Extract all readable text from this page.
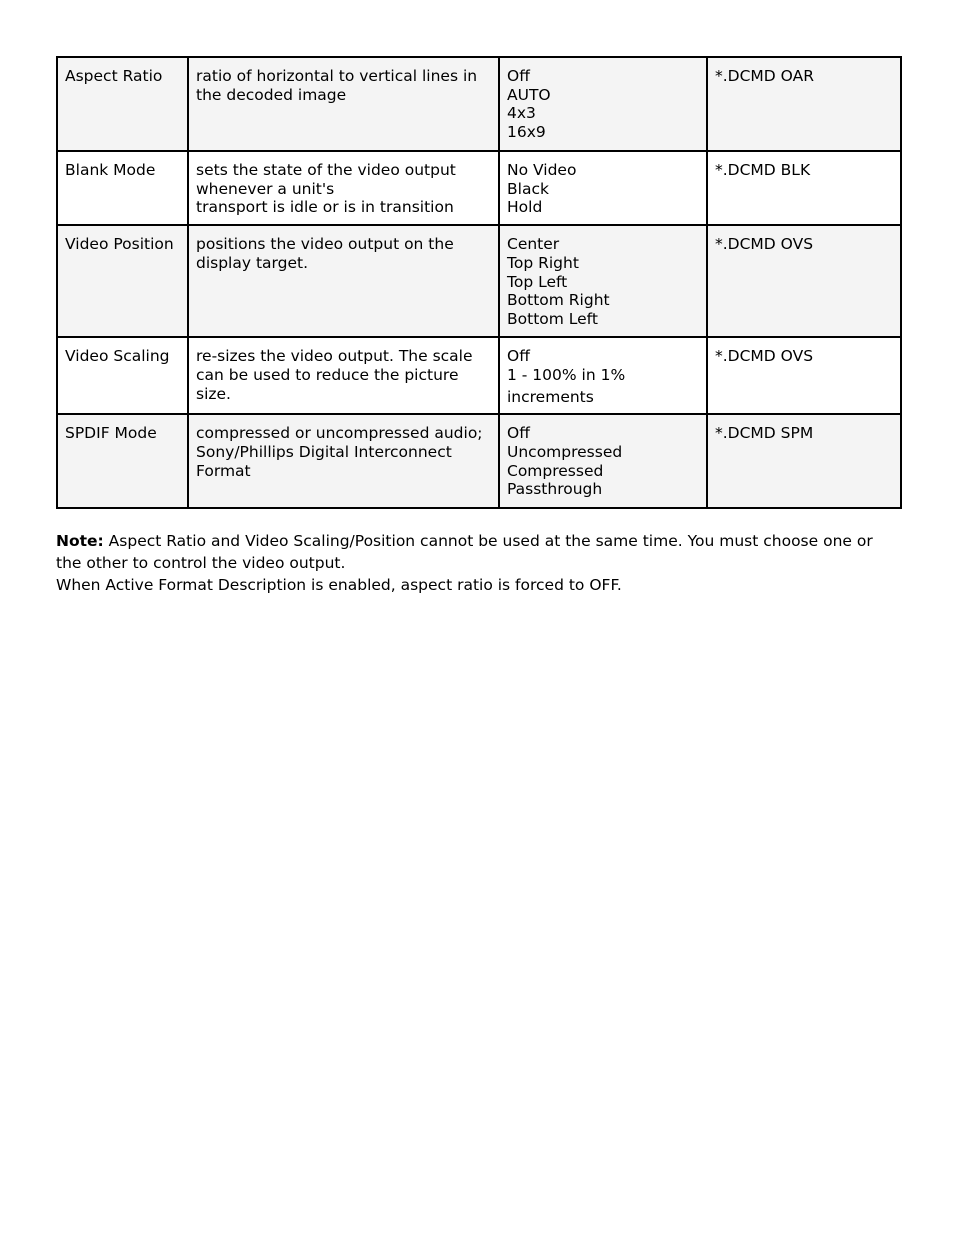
Aspect Ratio	ratio of horizontal to vertical lines in the decoded image	Off
AUTO
4x3
16x9	*.DCMD OAR
Blank Mode	sets the state of the video output whenever a unit's
transport is idle or is in transition	No Video
Black
Hold	*.DCMD BLK
Video Position	positions the video output on the display target.	Center
Top Right
Top Left
Bottom Right
Bottom Left	*.DCMD OVS
Video Scaling	re-sizes the video output. The scale can be used to reduce the picture size.	Off
1 - 100% in 1%
increments	*.DCMD OVS
SPDIF Mode	compressed or uncompressed audio; Sony/Phillips Digital Interconnect Format	Off
Uncompressed
Compressed
Passthrough	*.DCMD SPM

Note: Aspect Ratio and Video Scaling/Position cannot be used at the same time. You must choose one or the other to control the video output.

When Active Format Description is enabled, aspect ratio is forced to OFF.
